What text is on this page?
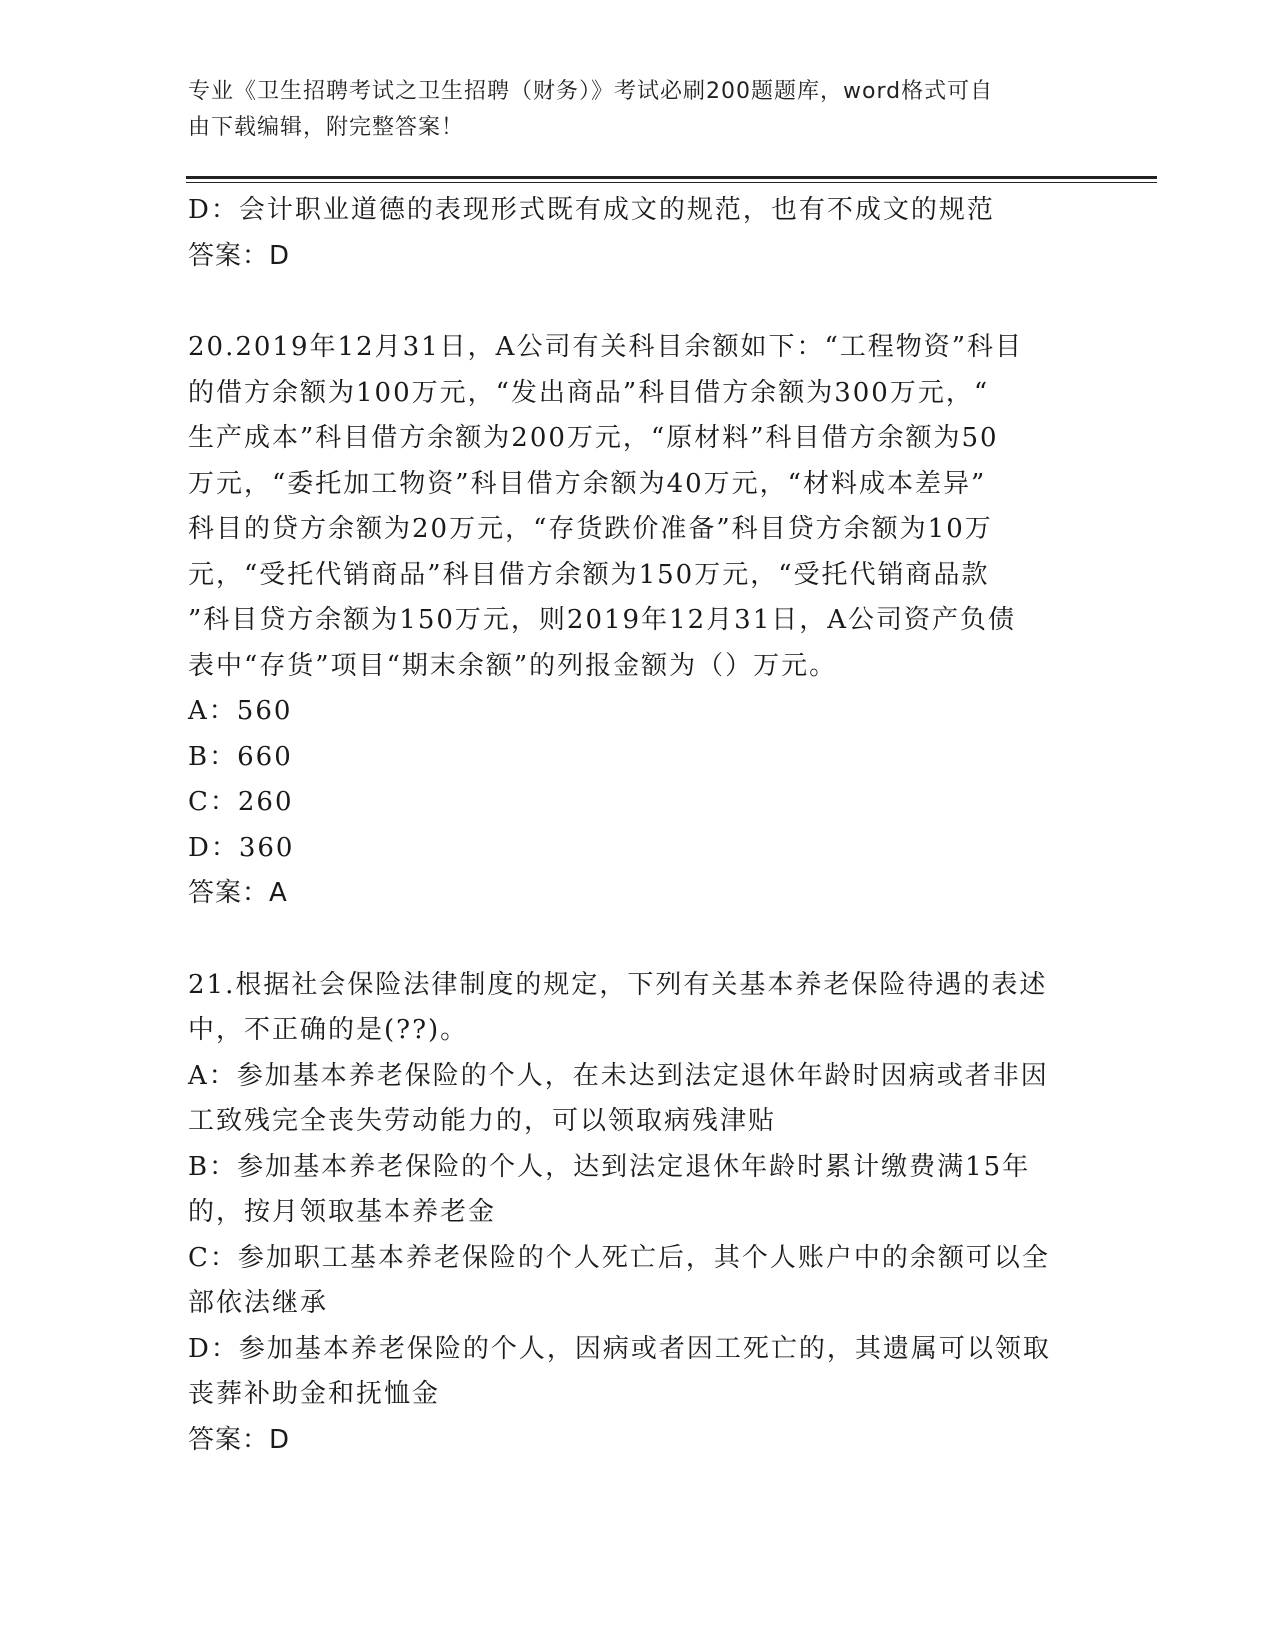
专业《卫生招聘考试之卫生招聘（财务）》考试必刷200题题库，word格式可自
由下载编辑，附完整答案！
D：会计职业道德的表现形式既有成文的规范，也有不成文的规范
答案：D
20.2019年12月31日，A公司有关科目余额如下：“工程物资”科目
的借方余额为100万元，“发出商品”科目借方余额为300万元，“
生产成本”科目借方余额为200万元，“原材料”科目借方余额为50
万元，“委托加工物资”科目借方余额为40万元，“材料成本差异”
科目的贷方余额为20万元，“存货跌价准备”科目贷方余额为10万
元，“受托代销商品”科目借方余额为150万元，“受托代销商品款
”科目贷方余额为150万元，则2019年12月31日，A公司资产负债
表中“存货”项目“期末余额”的列报金额为（）万元。
A：560
B：660
C：260
D：360
答案：A
21.根据社会保险法律制度的规定，下列有关基本养老保险待遇的表述
中，不正确的是(??)。
A：参加基本养老保险的个人，在未达到法定退休年龄时因病或者非因
工致残完全丧失劳动能力的，可以领取病残津贴
B：参加基本养老保险的个人，达到法定退休年龄时累计缴费满15年
的，按月领取基本养老金
C：参加职工基本养老保险的个人死亡后，其个人账户中的余额可以全
部依法继承
D：参加基本养老保险的个人，因病或者因工死亡的，其遗属可以领取
丧葬补助金和抚恤金
答案：D
